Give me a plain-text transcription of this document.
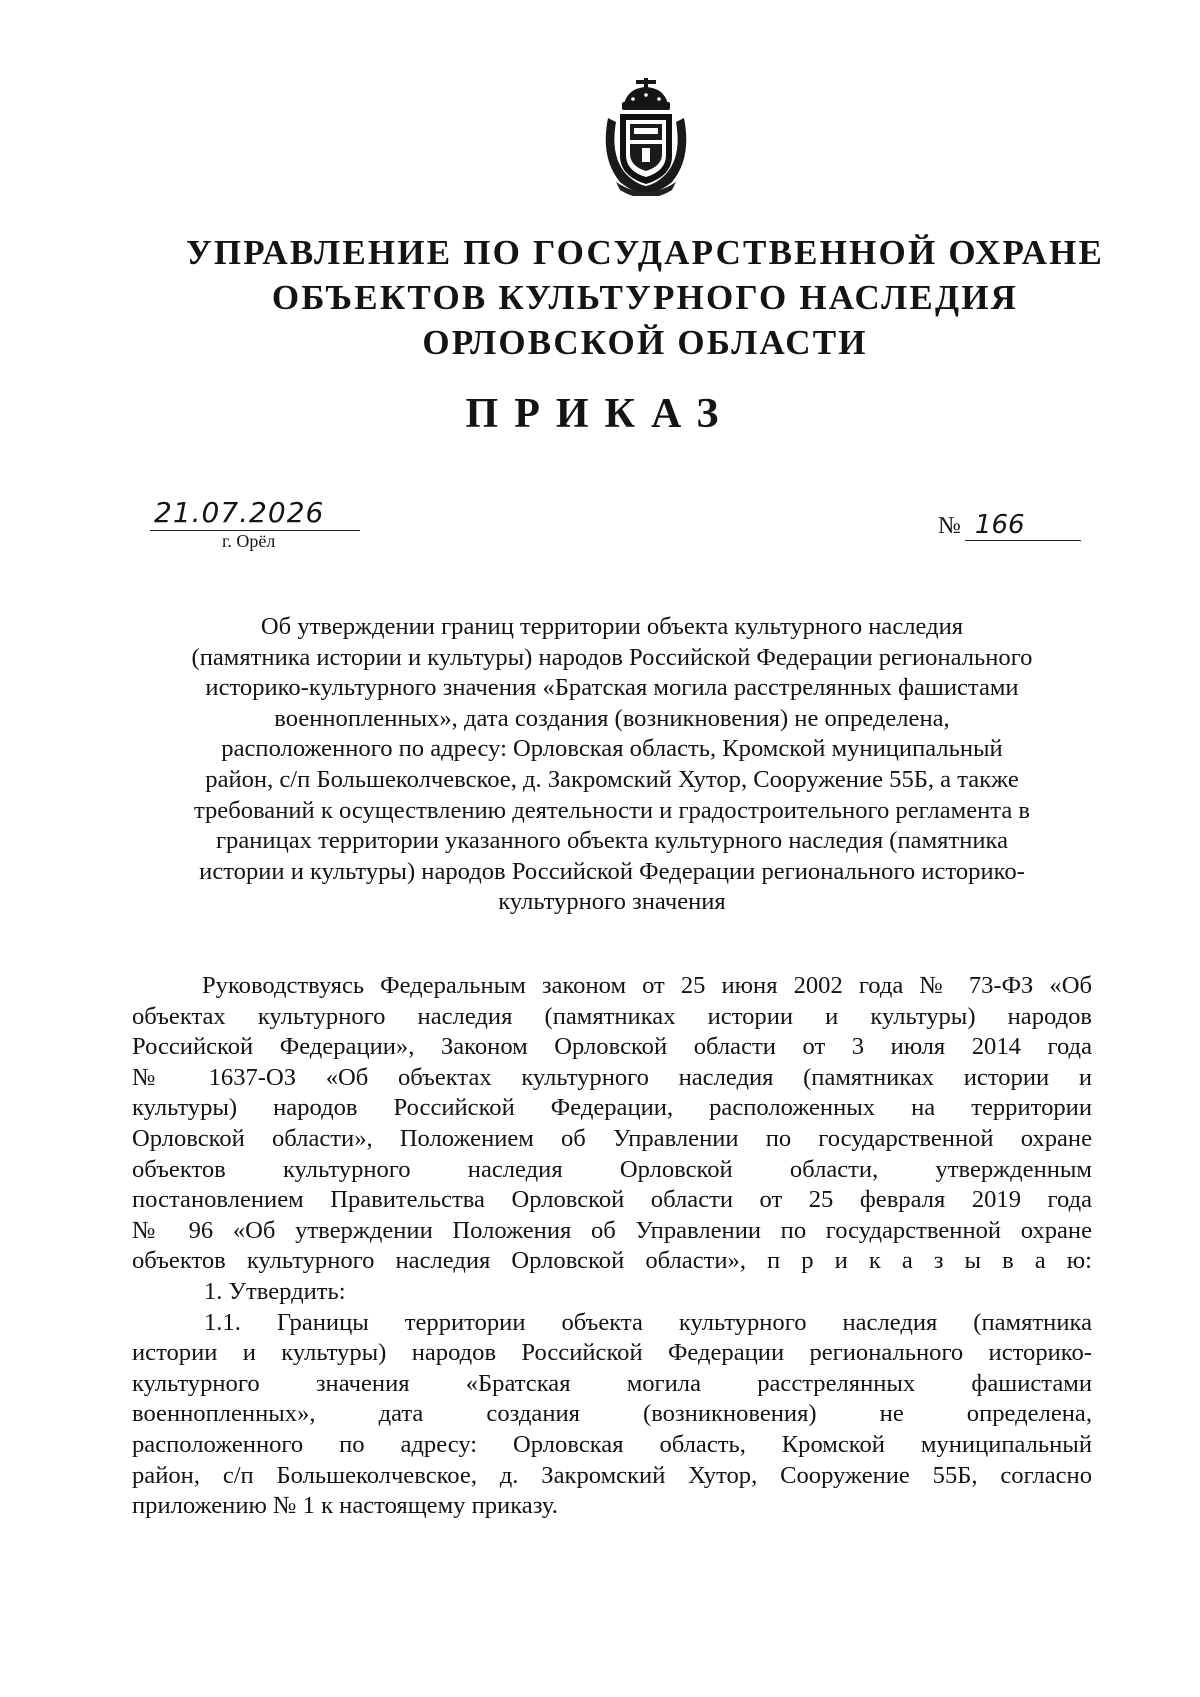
УПРАВЛЕНИЕ ПО ГОСУДАРСТВЕННОЙ ОХРАНЕ
ОБЪЕКТОВ КУЛЬТУРНОГО НАСЛЕДИЯ
ОРЛОВСКОЙ ОБЛАСТИ
ПРИКАЗ
21.07.2026
г. Орёл
№ 166
Об утверждении границ территории объекта культурного наследия
(памятника истории и культуры) народов Российской Федерации регионального
историко-культурного значения «Братская могила расстрелянных фашистами
военнопленных», дата создания (возникновения) не определена,
расположенного по адресу: Орловская область, Кромской муниципальный
район, с/п Большеколчевское, д. Закромский Хутор, Сооружение 55Б, а также
требований к осуществлению деятельности и градостроительного регламента в
границах территории указанного объекта культурного наследия (памятника
истории и культуры) народов Российской Федерации регионального историко-
культурного значения
Руководствуясь Федеральным законом от 25 июня 2002 года № 73-ФЗ «Об
объектах культурного наследия (памятниках истории и культуры) народов
Российской Федерации», Законом Орловской области от 3 июля 2014 года
№ 1637-ОЗ «Об объектах культурного наследия (памятниках истории и
культуры) народов Российской Федерации, расположенных на территории
Орловской области», Положением об Управлении по государственной охране
объектов культурного наследия Орловской области, утвержденным
постановлением Правительства Орловской области от 25 февраля 2019 года
№ 96 «Об утверждении Положения об Управлении по государственной охране
объектов культурного наследия Орловской области», п р и к а з ы в а ю:
1. Утвердить:
1.1. Границы территории объекта культурного наследия (памятника
истории и культуры) народов Российской Федерации регионального историко-
культурного значения «Братская могила расстрелянных фашистами
военнопленных», дата создания (возникновения) не определена,
расположенного по адресу: Орловская область, Кромской муниципальный
район, с/п Большеколчевское, д. Закромский Хутор, Сооружение 55Б, согласно
приложению № 1 к настоящему приказу.
